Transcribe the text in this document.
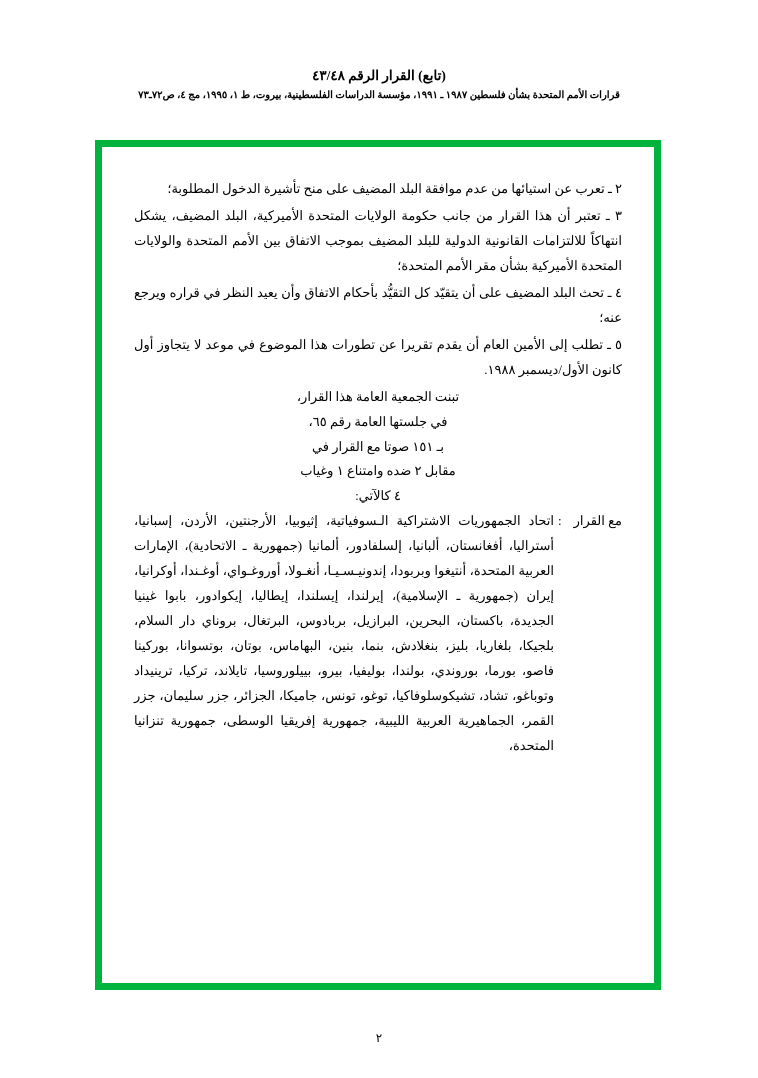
(تابع) القرار الرقم ٤٣/٤٨
قرارات الأمم المتحدة بشأن فلسطين ١٩٨٧ ـ ١٩٩١، مؤسسة الدراسات الفلسطينية، بيروت، ط ١، ١٩٩٥، مج ٤، ص٧٢ـ٧٣

٢ ـ تعرب عن استيائها من عدم موافقة البلد المضيف على منح تأشيرة الدخول المطلوبة؛

٣ ـ تعتبر أن هذا القرار من جانب حكومة الولايات المتحدة الأميركية، البلد المضيف، يشكل انتهاكاً للالتزامات القانونية الدولية للبلد المضيف بموجب الاتفاق بين الأمم المتحدة والولايات المتحدة الأميركية بشأن مقر الأمم المتحدة؛

٤ ـ تحث البلد المضيف على أن يتقيّد كل التقيُّد بأحكام الاتفاق وأن يعيد النظر في قراره ويرجع عنه؛

٥ ـ تطلب إلى الأمين العام أن يقدم تقريرا عن تطورات هذا الموضوع في موعد لا يتجاوز أول كانون الأول/ديسمبر ١٩٨٨.

تبنت الجمعية العامة هذا القرار،
في جلستها العامة رقم ٦٥،
بـ ١٥١ صوتا مع القرار في
مقابل ٢ ضده وامتناع ١ وغياب
٤ كالآتي:
مع القرار
:
اتحاد الجمهوريات الاشتراكية الـسوفياتية، إثيوبيا، الأرجنتين، الأردن، إسبانيا، أستراليا، أفغانستان، ألبانيا، إلسلفادور، ألمانيا (جمهورية ـ الاتحادية)، الإمارات العربية المتحدة، أنتيغوا وبربودا، إندونيـسـيـا، أنغـولا، أوروغـواي، أوغـندا، أوكرانيا، إيران (جمهورية ـ الإسلامية)، إيرلندا، إيسلندا، إيطاليا، إيكوادور، بابوا غينيا الجديدة، باكستان، البحرين، البرازيل، بربادوس، البرتغال، بروناي دار السلام، بلجيكا، بلغاريا، بليز، بنغلادش، بنما، بنين، البهاماس، بوتان، بوتسوانا، بوركينا فاصو، بورما، بوروندي، بولندا، بوليفيا، بيرو، بييلوروسيا، تايلاند، تركيا، ترينيداد وتوباغو، تشاد، تشيكوسلوفاكيا، توغو، تونس، جاميكا، الجزائر، جزر سليمان، جزر القمر، الجماهيرية العربية الليبية، جمهورية إفريقيا الوسطى، جمهورية تنزانيا المتحدة،
٢
